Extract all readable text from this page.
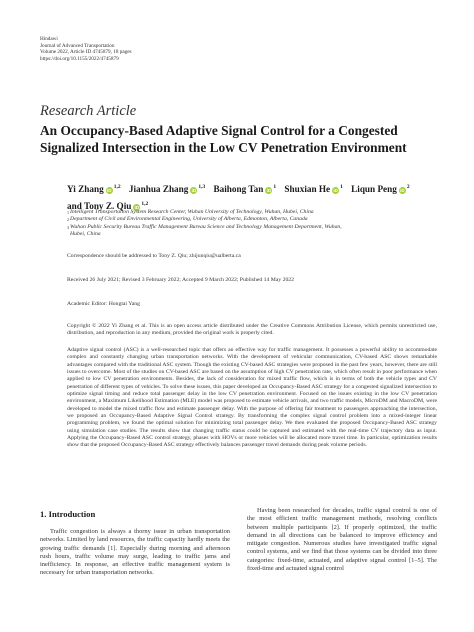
Hindawi
Journal of Advanced Transportation
Volume 2022, Article ID 4745879, 18 pages
https://doi.org/10.1155/2022/4745879
Research Article
An Occupancy-Based Adaptive Signal Control for a Congested
Signalized Intersection in the Low CV Penetration Environment
Yi Zhang iD$^{1,2}$ Jianhua Zhang iD$^{1,3}$ Baihong Tan $iD^1$ Shuxian He $iD^1$ Liqun Peng $iD^2$ and Tony Z. Qiu iD$^{1,2}$
1 Intelligent Transportation System Research Center, Wuhan University of Technology, Wuhan, Hubei, China
2 Department of Civil and Environmental Engineering, University of Alberta, Edmonton, Alberta, Canada
3 Wuhan Public Security Bureau Traffic Management Bureau Science and Technology Management Department, Wuhan,
Hubei, China
Correspondence should be addressed to Tony Z. Qiu; zhijunqiu@ualberta.ca
Received 26 July 2021; Revised 3 February 2022; Accepted 9 March 2022; Published 14 May 2022
Academic Editor: Hongtai Yang
Copyright © 2022 Yi Zhang et al. This is an open access article distributed under the Creative Commons Attribution License, which permits unrestricted use, distribution, and reproduction in any medium, provided the original work is properly cited.
Adaptive signal control (ASC) is a well-researched topic that offers an effective way for traffic management. It possesses a powerful ability to accommodate complex and constantly changing urban transportation networks. With the development of vehicular communication, CV-based ASC shows remarkable advantages compared with the traditional ASC system. Though the existing CV-based ASC strategies were proposed in the past few years, however, there are still issues to overcome. Most of the studies on CV-based ASC are based on the assumption of high CV penetration rate, which often result in poor performance when applied to low CV penetration environments. Besides, the lack of consideration for mixed traffic flow, which is in terms of both the vehicle types and CV penetration of different types of vehicles. To solve these issues, this paper developed an Occupancy-Based ASC strategy for a congested signalized intersection to optimize signal timing and reduce total passenger delay in the low CV penetration environment. Focused on the issues existing in the low CV penetration environment, a Maximum Likelihood Estimation (MLE) model was proposed to estimate vehicle arrivals, and two traffic models, MicroDM and MacroDM, were developed to model the mixed traffic flow and estimate passenger delay. With the purpose of offering fair treatment to passengers approaching the intersection, we proposed an Occupancy-Based Adaptive Signal Control strategy. By transforming the complex signal control problem into a mixed-integer linear programming problem, we found the optimal solution for minimizing total passenger delay. We then evaluated the proposed Occupancy-Based ASC strategy using simulation case studies. The results show that changing traffic status could be captured and estimated with the real-time CV trajectory data as input. Applying the Occupancy-Based ASC control strategy, phases with HOVs or more vehicles will be allocated more travel time. In particular, optimization results show that the proposed Occupancy-Based ASC strategy effectively balances passenger travel demands during peak volume periods.
1. Introduction

Traffic congestion is always a thorny issue in urban transportation networks. Limited by land resources, the traffic capacity hardly meets the growing traffic demands [1]. Especially during morning and afternoon rush hours, traffic volume may surge, leading to traffic jams and inefficiency. In response, an effective traffic management system is necessary for urban transportation networks.

Having been researched for decades, traffic signal control is one of the most efficient traffic management methods, resolving conflicts between multiple participants [2]. If properly optimized, the traffic demand in all directions can be balanced to improve efficiency and mitigate congestion. Numerous studies have investigated traffic signal control systems, and we find that those systems can be divided into three categories: fixed-time, actuated, and adaptive signal control [1–5]. The fixed-time and actuated signal control
